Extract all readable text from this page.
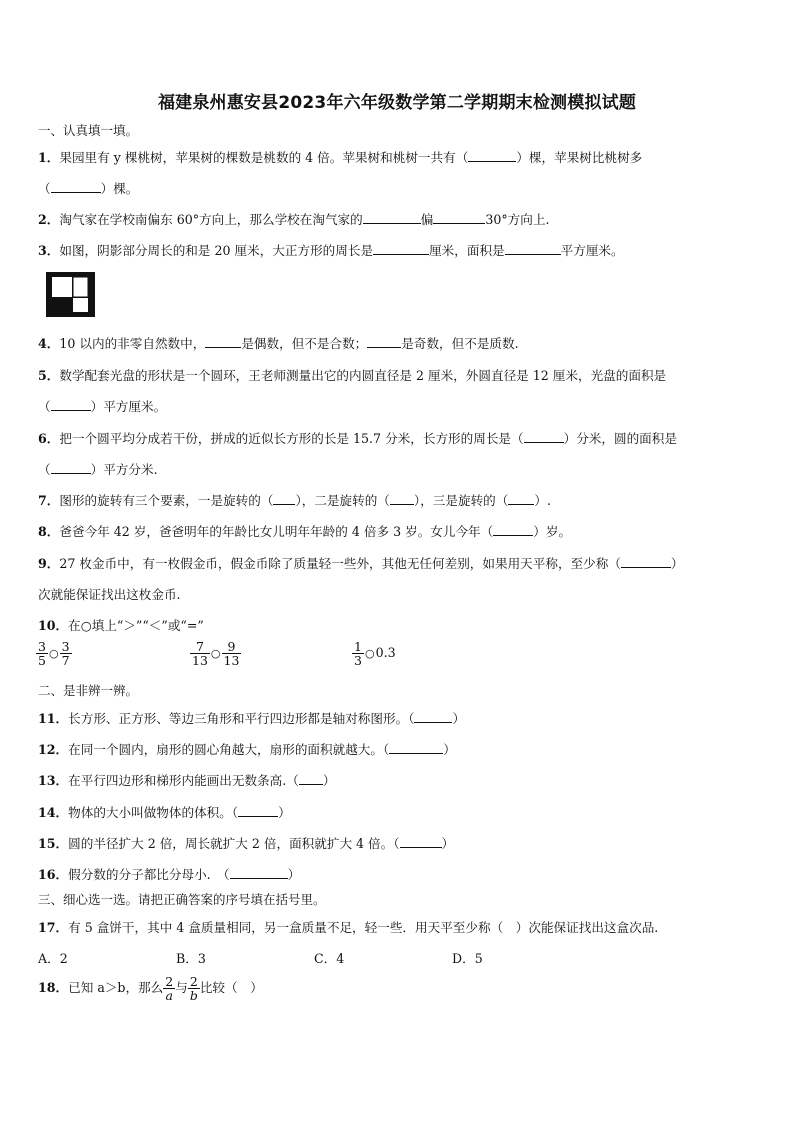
福建泉州惠安县2023年六年级数学第二学期期末检测模拟试题
一、认真填一填。
1．果园里有 y 棵桃树，苹果树的棵数是桃数的 4 倍。苹果树和桃树一共有（	）棵，苹果树比桃树多
（	）棵。
2．淘气家在学校南偏东 60°方向上，那么学校在淘气家的	偏	30°方向上.
3．如图，阴影部分周长的和是 20 厘米，大正方形的周长是	厘米，面积是	平方厘米。
4．10 以内的非零自然数中，	是偶数，但不是合数；	是奇数，但不是质数.
5．数学配套光盘的形状是一个圆环，王老师测量出它的内圆直径是 2 厘米，外圆直径是 12 厘米，光盘的面积是
（	）平方厘米。
6．把一个圆平均分成若干份，拼成的近似长方形的长是 15.7 分米，长方形的周长是（	）分米，圆的面积是
（	）平方分米.
7．图形的旋转有三个要素，一是旋转的（ ），二是旋转的（ ），三是旋转的（ ）.
8．爸爸今年 42 岁，爸爸明年的年龄比女儿明年年龄的 4 倍多 3 岁。女儿今年（	）岁。
9．27 枚金币中，有一枚假金币，假金币除了质量轻一些外，其他无任何差别，如果用天平称，至少称（	）
次就能保证找出这枚金币.
10．在○填上“＞”“＜”或“=”
$\frac{3}{5}$ ○ $\frac{3}{7}$	$\frac{7}{13}$ ○ $\frac{9}{13}$	$\frac{1}{3}$ ○0.3
二、是非辨一辨。
11．长方形、正方形、等边三角形和平行四边形都是轴对称图形。（	）
12．在同一个圆内，扇形的圆心角越大，扇形的面积就越大。（	）
13．在平行四边形和梯形内能画出无数条高.（ ）
14．物体的大小叫做物体的体积。（	）
15．圆的半径扩大 2 倍，周长就扩大 2 倍，面积就扩大 4 倍。（	）
16．假分数的分子都比分母小.　（	）
三、细心选一选。请把正确答案的序号填在括号里。
17．有 5 盒饼干，其中 4 盒质量相同，另一盒质量不足，轻一些．用天平至少称（　）次能保证找出这盒次品.
A．2	B．3	C．4	D．5
18．已知 a＞b，那么 $\frac{2}{a}$ 与 $\frac{2}{b}$ 比较（　）
